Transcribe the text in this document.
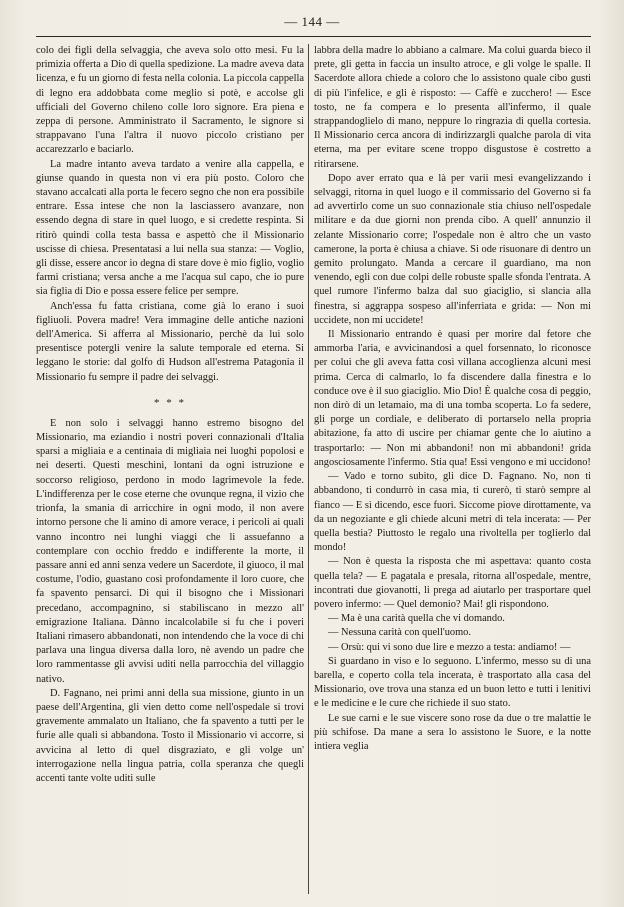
— 144 —

colo dei figli della selvaggia, che aveva solo otto mesi. Fu la primizia offerta a Dio di quella spedizione. La madre aveva data licenza, e fu un giorno di festa nella colonia. La piccola cappella di legno era addobbata come meglio si potè, e accolse gli ufficiali del Governo chileno colle loro signore. Era piena e zeppa di persone. Amministrato il Sacramento, le signore si strappavano l'una l'altra il nuovo piccolo cristiano per accarezzarlo e baciarlo.

La madre intanto aveva tardato a venire alla cappella, e giunse quando in questa non vi era più posto. Coloro che stavano accalcati alla porta le fecero segno che non era possibile entrare. Essa intese che non la lasciassero avanzare, non essendo degna di stare in quel luogo, e si credette respinta. Si ritirò quindi colla testa bassa e aspettò che il Missionario uscisse di chiesa. Presentatasi a lui nella sua stanza: — Voglio, gli disse, essere ancor io degna di stare dove è mio figlio, voglio farmi cristiana; versa anche a me l'acqua sul capo, che io pure sia figlia di Dio e possa essere felice per sempre.

Anch'essa fu fatta cristiana, come già lo erano i suoi figliuoli. Povera madre! Vera immagine delle antiche nazioni dell'America. Si afferra al Missionario, perchè da lui solo presentisce potergli venire la salute temporale ed eterna. Si leggano le storie: dal golfo di Hudson all'estrema Patagonia il Missionario fu sempre il padre dei selvaggi.

* * *

E non solo i selvaggi hanno estremo bisogno del Missionario, ma eziandio i nostri poveri connazionali d'Italia sparsi a migliaia e a centinaia di migliaia nei luoghi popolosi e nei deserti. Questi meschini, lontani da ogni istruzione e soccorso religioso, perdono in modo lagrimevole la fede. L'indifferenza per le cose eterne che ovunque regna, il vizio che trionfa, la smania di arricchire in ogni modo, il non avere intorno persone che li amino di amore verace, i pericoli ai quali vanno incontro nei lunghi viaggi che li assuefanno a contemplare con occhio freddo e indifferente la morte, il passare anni ed anni senza vedere un Sacerdote, il giuoco, il mal costume, l'odio, guastano così profondamente il loro cuore, che fa spavento pensarci. Di qui il bisogno che i Missionari precedano, accompagnino, si stabiliscano in mezzo all' emigrazione Italiana. Dànno incalcolabile si fu che i poveri Italiani rimasero abbandonati, non intendendo che la voce di chi parlava una lingua diversa dalla loro, nè avendo un padre che loro rammentasse gli avvisi uditi nella parrocchia del villaggio nativo.

D. Fagnano, nei primi anni della sua missione, giunto in un paese dell'Argentina, gli vien detto come nell'ospedale si trovi gravemente ammalato un Italiano, che fa spavento a tutti per le furie alle quali si abbandona. Tosto il Missionario vi accorre, si avvicina al letto di quel disgraziato, e gli volge un' interrogazione nella lingua patria, colla speranza che quegli accenti tante volte uditi sulle

labbra della madre lo abbiano a calmare. Ma colui guarda bieco il prete, gli getta in faccia un insulto atroce, e gli volge le spalle. Il Sacerdote allora chiede a coloro che lo assistono quale cibo gusti di più l'infelice, e gli è risposto: — Caffè e zucchero! — Esce tosto, ne fa compera e lo presenta all'infermo, il quale strappandoglielo di mano, neppure lo ringrazia di quella cortesia. Il Missionario cerca ancora di indirizzargli qualche parola di vita eterna, ma per evitare scene troppo disgustose è costretto a ritirarsene.

Dopo aver errato qua e là per varii mesi evangelizzando i selvaggi, ritorna in quel luogo e il commissario del Governo si fa ad avvertirlo come un suo connazionale stia chiuso nell'ospedale militare e da due giorni non prenda cibo. A quell' annunzio il zelante Missionario corre; l'ospedale non è altro che un vasto camerone, la porta è chiusa a chiave. Si ode risuonare di dentro un gemito prolungato. Manda a cercare il guardiano, ma non venendo, egli con due colpi delle robuste spalle sfonda l'entrata. A quel rumore l'infermo balza dal suo giaciglio, si slancia alla finestra, si aggrappa sospeso all'inferriata e grida: — Non mi uccidete, non mi uccidete!

Il Missionario entrando è quasi per morire dal fetore che ammorba l'aria, e avvicinandosi a quel forsennato, lo riconosce per colui che gli aveva fatta così villana accoglienza alcuni mesi prima. Cerca di calmarlo, lo fa discendere dalla finestra e lo conduce ove è il suo giaciglio. Mio Dio! È qualche cosa di peggio, non dirò di un letamaio, ma di una tomba scoperta. Lo fa sedere, gli porge un cordiale, e deliberato di portarselo nella propria abitazione, fa atto di uscire per chiamar gente che lo aiutino a trasportarlo: — Non mi abbandoni! non mi abbandoni! grida angosciosamente l'infermo. Stia qua! Essi vengono e mi uccidono!

— Vado e torno subito, gli dice D. Fagnano. No, non ti abbandono, ti condurrò in casa mia, ti curerò, ti starò sempre al fianco — E sì dicendo, esce fuori. Siccome piove dirottamente, va da un negoziante e gli chiede alcuni metri di tela incerata: — Per quella bestia? Piuttosto le regalo una rivoltella per toglierlo dal mondo!

— Non è questa la risposta che mi aspettava: quanto costa quella tela? — E pagatala e presala, ritorna all'ospedale, mentre, incontrati due giovanotti, li prega ad aiutarlo per trasportare quel povero infermo: — Quel demonio? Mai! gli rispondono.

— Ma è una carità quella che vi domando.

— Nessuna carità con quell'uomo.

— Orsù: qui vi sono due lire e mezzo a testa: andiamo! —

Si guardano in viso e lo seguono. L'infermo, messo su di una barella, e coperto colla tela incerata, è trasportato alla casa del Missionario, ove trova una stanza ed un buon letto e tutti i lenitivi e le medicine e le cure che richiede il suo stato.

Le sue carni e le sue viscere sono rose da due o tre malattie le più schifose. Da mane a sera lo assistono le Suore, e la notte intiera veglia
